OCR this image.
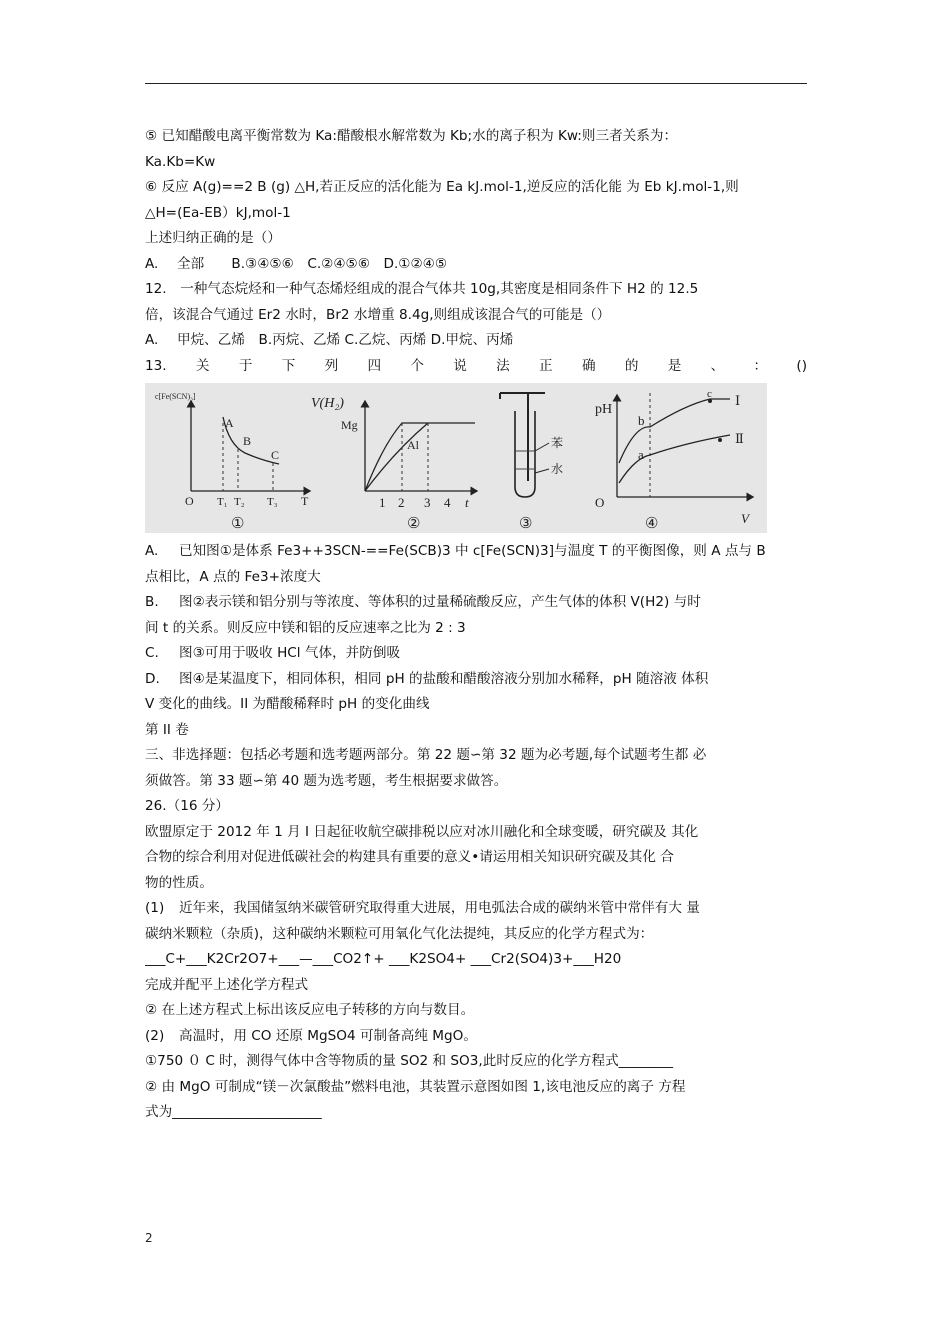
⑤ 已知醋酸电离平衡常数为 Ka:醋酸根水解常数为 Kb;水的离子积为 Kw:则三者关系为：
Ka.Kb=Kw
⑥ 反应 A(g)==2 B (g) △H,若正反应的活化能为 Ea kJ.mol-1,逆反应的活化能 为 Eb kJ.mol-1,则
△H=(Ea-EB）kJ,mol-1
上述归纳正确的是（）
A. 全部　　B.③④⑤⑥　C.②④⑤⑥　D.①②④⑤
12.　一种气态烷烃和一种气态烯烃组成的混合气体共 10g,其密度是相同条件下 H2 的 12.5
倍，该混合气通过 Er2 水时，Br2 水增重 8.4g,则组成该混合气的可能是（）
A. 甲烷、乙烯　B.丙烷、乙烯 C.乙烷、丙烯 D.甲烷、丙烯
13. 关 于 下 列 四 个 说 法 正 确 的 是 、 ： ()
c[Fe(SCN)₃]
A
B
C
O T₁ T₂ T₃ T
①
V(H₂)
Mg
Al
1 2 3 4 t
②
苯
水
③
pH
b
c
a
Ⅰ
Ⅱ
O
V
④
A. 已知图①是体系 Fe3++3SCN-==Fe(SCB)3 中 c[Fe(SCN)3]与温度 T 的平衡图像，则 A 点与 B
点相比，A 点的 Fe3+浓度大
B. 图②表示镁和铝分别与等浓度、等体积的过量稀硫酸反应，产生气体的体积 V(H2) 与时
间 t 的关系。则反应中镁和铝的反应速率之比为 2 : 3
C. 图③可用于吸收 HCl 气体，并防倒吸
D. 图④是某温度下，相同体积，相同 pH 的盐酸和醋酸溶液分别加水稀释，pH 随溶液 体积
V 变化的曲线。II 为醋酸稀释时 pH 的变化曲线
第 II 卷
三、非选择题：包括必考题和选考题两部分。第 22 题∽第 32 题为必考题,每个试题考生都 必
须做答。第 33 题∽第 40 题为选考题，考生根据要求做答。
26.（16 分）
欧盟原定于 2012 年 1 月 I 日起征收航空碳排税以应对冰川融化和全球变暖，研究碳及 其化
合物的综合利用对促进低碳社会的构建具有重要的意义•请运用相关知识研究碳及其化 合
物的性质。
(1) 近年来，我国储氢纳米碳管研究取得重大进展，用电弧法合成的碳纳米管中常伴有大 量
碳纳米颗粒（杂质)，这种碳纳米颗粒可用氧化气化法提纯，其反应的化学方程式为：
___C+___K2Cr2O7+___—___CO2↑+ ___K2SO4+ ___Cr2(SO4)3+___H20
完成并配平上述化学方程式
② 在上述方程式上标出该反应电子转移的方向与数目。
(2) 高温时，用 CO 还原 MgSO4 可制备高纯 MgO。
①750 ０ C 时，测得气体中含等物质的量 SO2 和 SO3,此时反应的化学方程式________
② 由 MgO 可制成“镁－次氯酸盐”燃料电池，其装置示意图如图 1,该电池反应的离子 方程
式为______________________
2
